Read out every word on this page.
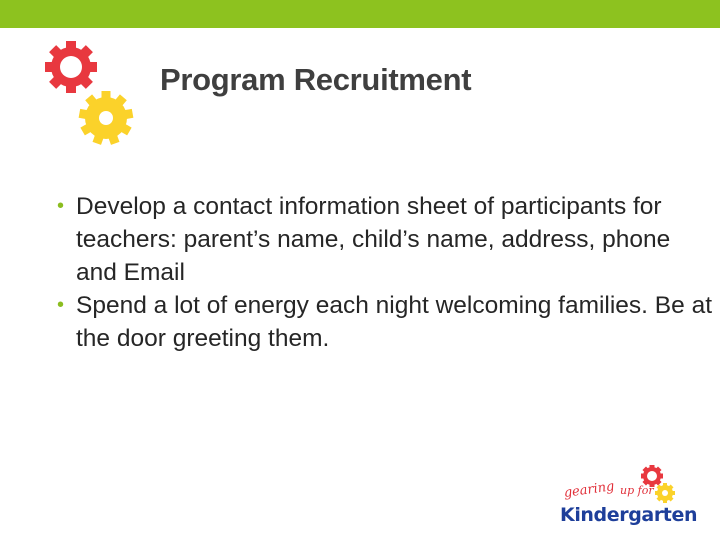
Program Recruitment
• Develop a contact information sheet of participants for teachers: parent’s name, child’s name, address, phone and Email
• Spend a lot of energy each night welcoming families. Be at the door greeting them.
gearing up for
Kindergarten
